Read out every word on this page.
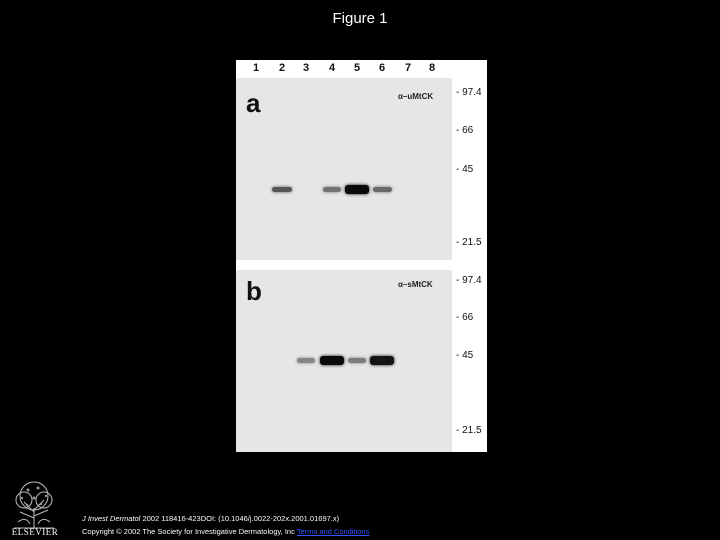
Figure 1
1	2	3	4	5	6	7	8
a	α–uMtCK
b	α–sMtCK
- 97.4
- 66
- 45
- 21.5
- 97.4
- 66
- 45
- 21.5
ELSEVIER
J Invest Dermatol 2002 118416-423DOI: (10.1046/j.0022-202x.2001.01697.x)
Copyright © 2002 The Society for Investigative Dermatology, Inc Terms and Conditions
